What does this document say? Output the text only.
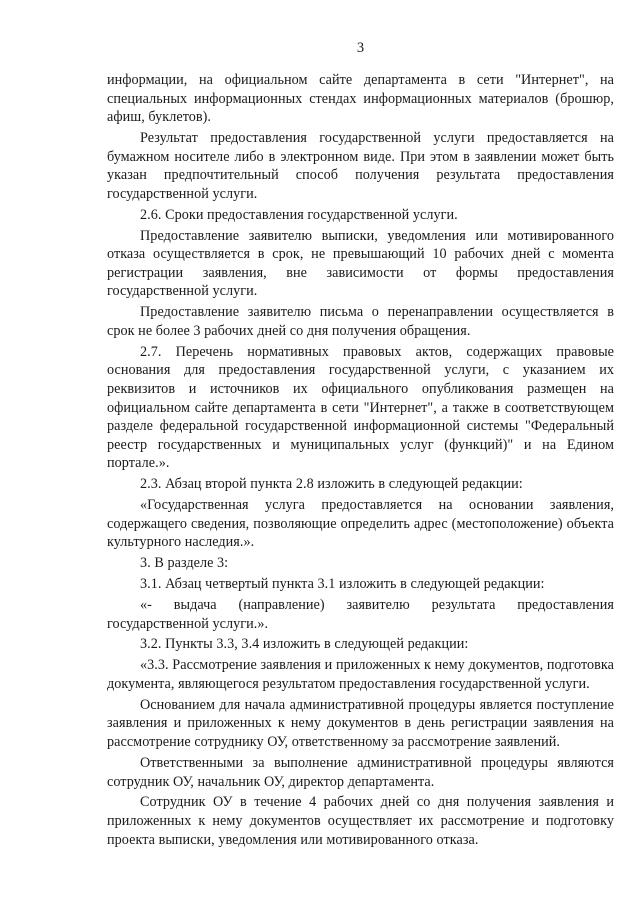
3

информации, на официальном сайте департамента в сети "Интернет", на специальных информационных стендах информационных материалов (брошюр, афиш, буклетов).

Результат предоставления государственной услуги предоставляется на бумажном носителе либо в электронном виде. При этом в заявлении может быть указан предпочтительный способ получения результата предоставления государственной услуги.

2.6. Сроки предоставления государственной услуги.

Предоставление заявителю выписки, уведомления или мотивированного отказа осуществляется в срок, не превышающий 10 рабочих дней с момента регистрации заявления, вне зависимости от формы предоставления государственной услуги.

Предоставление заявителю письма о перенаправлении осуществляется в срок не более 3 рабочих дней со дня получения обращения.

2.7. Перечень нормативных правовых актов, содержащих правовые основания для предоставления государственной услуги, с указанием их реквизитов и источников их официального опубликования размещен на официальном сайте департамента в сети "Интернет", а также в соответствующем разделе федеральной государственной информационной системы "Федеральный реестр государственных и муниципальных услуг (функций)" и на Едином портале.».

2.3. Абзац второй пункта 2.8 изложить в следующей редакции:

«Государственная услуга предоставляется на основании заявления, содержащего сведения, позволяющие определить адрес (местоположение) объекта культурного наследия.».

3. В разделе 3:

3.1. Абзац четвертый пункта 3.1 изложить в следующей редакции:

«- выдача (направление) заявителю результата предоставления государственной услуги.».

3.2. Пункты 3.3, 3.4 изложить в следующей редакции:

«3.3. Рассмотрение заявления и приложенных к нему документов, подготовка документа, являющегося результатом предоставления государственной услуги.

Основанием для начала административной процедуры является поступление заявления и приложенных к нему документов в день регистрации заявления на рассмотрение сотруднику ОУ, ответственному за рассмотрение заявлений.

Ответственными за выполнение административной процедуры являются сотрудник ОУ, начальник ОУ, директор департамента.

Сотрудник ОУ в течение 4 рабочих дней со дня получения заявления и приложенных к нему документов осуществляет их рассмотрение и подготовку проекта выписки, уведомления или мотивированного отказа.
